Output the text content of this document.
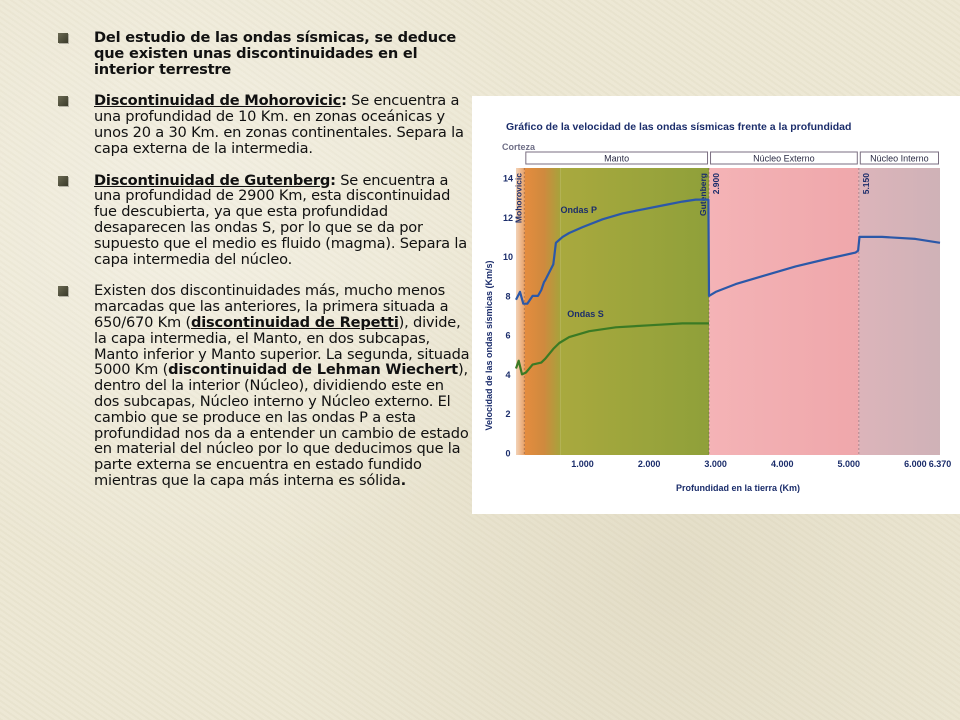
Del estudio de las ondas sísmicas, se deduce que existen unas discontinuidades en el interior terrestre
Discontinuidad de Mohorovicic: Se encuentra a una profundidad de 10 Km. en zonas oceánicas y unos 20 a 30 Km. en zonas continentales. Separa la capa externa de la intermedia.
Discontinuidad de Gutenberg: Se encuentra a una profundidad de 2900 Km, esta discontinuidad fue descubierta, ya que esta profundidad desaparecen las ondas S, por lo que se da por supuesto que el medio es fluido (magma). Separa la capa intermedia del núcleo.
Existen dos discontinuidades más, mucho menos marcadas que las anteriores, la primera situada a 650/670 Km (discontinuidad de Repetti), divide, la capa intermedia, el Manto, en dos subcapas, Manto inferior y Manto superior. La segunda, situada 5000 Km (discontinuidad de Lehman Wiechert), dentro del la interior (Núcleo), dividiendo este en dos subcapas, Núcleo interno y Núcleo externo. El cambio que se produce en las ondas P a esta profundidad nos da a entender un cambio de estado en material del núcleo por lo que deducimos que la parte externa se encuentra en estado fundido mientras que la capa más interna es sólida.
Corteza
Manto	Núcleo Externo	Núcleo Interno
Mohorovicic	Gutenberg 2.900	5.150
Ondas P
Ondas S
0
2
4
6
8
10
12
14
1.000	2.000	3.000	4.000	5.000	6.000 6.370
Gráfico de la velocidad de las ondas sísmicas frente a la profundidad
Velocidad de las ondas sísmicas (Km/s)
Profundidad en la tierra (Km)
